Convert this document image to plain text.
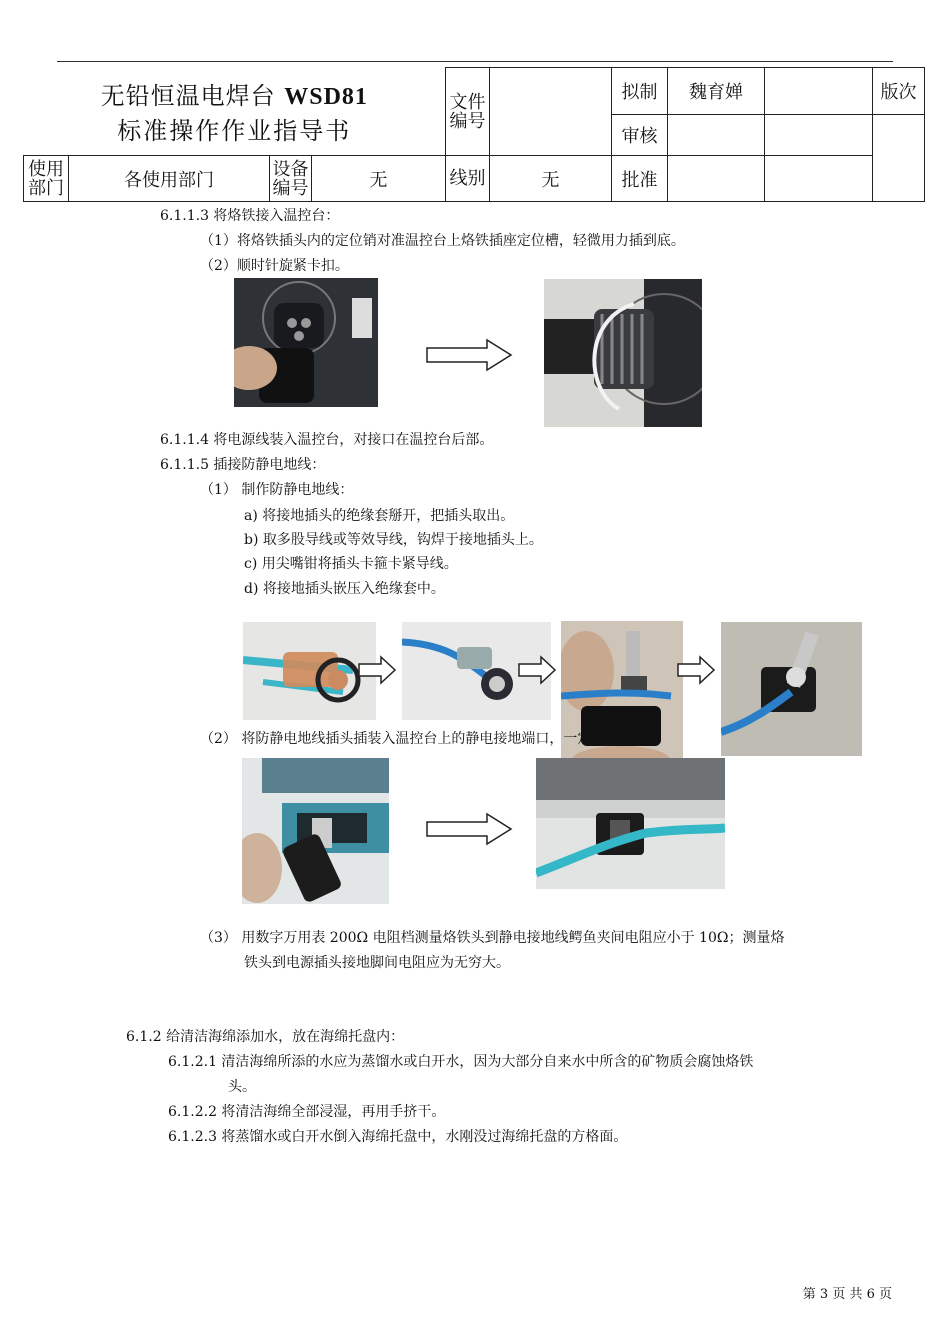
无铅恒温电焊台 WSD81
标准操作作业指导书				文件编号		拟制	魏育婵		版次
						审核			
使用部门	各使用部门	设备编号	无	线别	无	批准			
6.1.1.3 将烙铁接入温控台：
（1）将烙铁插头内的定位销对准温控台上烙铁插座定位槽，轻微用力插到底。
（2）顺时针旋紧卡扣。
6.1.1.4 将电源线装入温控台，对接口在温控台后部。
6.1.1.5 插接防静电地线：
（1） 制作防静电地线：
a) 将接地插头的绝缘套掰开，把插头取出。
b) 取多股导线或等效导线，钩焊于接地插头上。
c) 用尖嘴钳将插头卡箍卡紧导线。
d) 将接地插头嵌压入绝缘套中。
（2） 将防静电地线插头插装入温控台上的静电接地端口，一定要装到底。
（3） 用数字万用表 200Ω 电阻档测量烙铁头到静电接地线鳄鱼夹间电阻应小于 10Ω；测量烙
铁头到电源插头接地脚间电阻应为无穷大。
6.1.2 给清洁海绵添加水，放在海绵托盘内：
6.1.2.1 清洁海绵所添的水应为蒸馏水或白开水，因为大部分自来水中所含的矿物质会腐蚀烙铁
头。
6.1.2.2 将清洁海绵全部浸湿，再用手挤干。
6.1.2.3 将蒸馏水或白开水倒入海绵托盘中，水刚没过海绵托盘的方格面。
第 3 页 共 6 页
